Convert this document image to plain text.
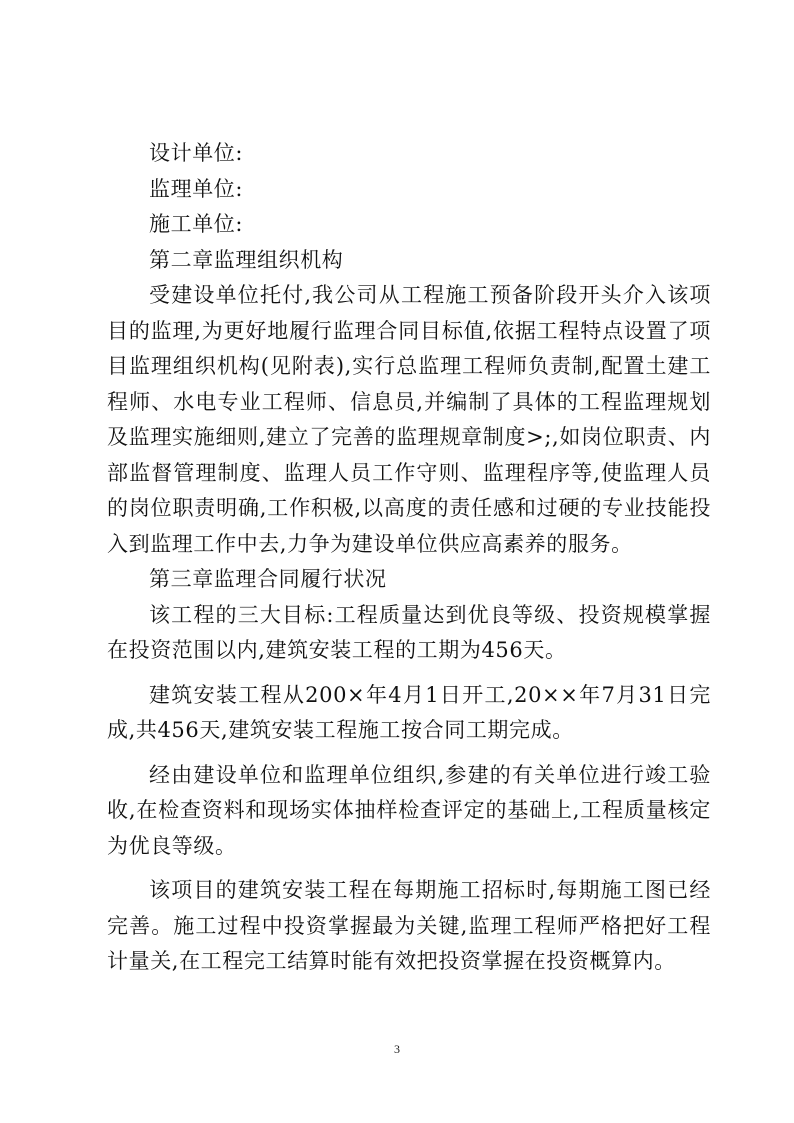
设计单位:

监理单位:

施工单位:

第二章监理组织机构

受建设单位托付,我公司从工程施工预备阶段开头介入该项目的监理,为更好地履行监理合同目标值,依据工程特点设置了项目监理组织机构(见附表),实行总监理工程师负责制,配置土建工程师、水电专业工程师、信息员,并编制了具体的工程监理规划及监理实施细则,建立了完善的监理规章制度>;,如岗位职责、内部监督管理制度、监理人员工作守则、监理程序等,使监理人员的岗位职责明确,工作积极,以高度的责任感和过硬的专业技能投入到监理工作中去,力争为建设单位供应高素养的服务。

第三章监理合同履行状况

该工程的三大目标:工程质量达到优良等级、投资规模掌握在投资范围以内,建筑安装工程的工期为456天。

建筑安装工程从200×年4月1日开工,20××年7月31日完成,共456天,建筑安装工程施工按合同工期完成。

经由建设单位和监理单位组织,参建的有关单位进行竣工验收,在检查资料和现场实体抽样检查评定的基础上,工程质量核定为优良等级。

该项目的建筑安装工程在每期施工招标时,每期施工图已经完善。施工过程中投资掌握最为关键,监理工程师严格把好工程计量关,在工程完工结算时能有效把投资掌握在投资概算内。

3
